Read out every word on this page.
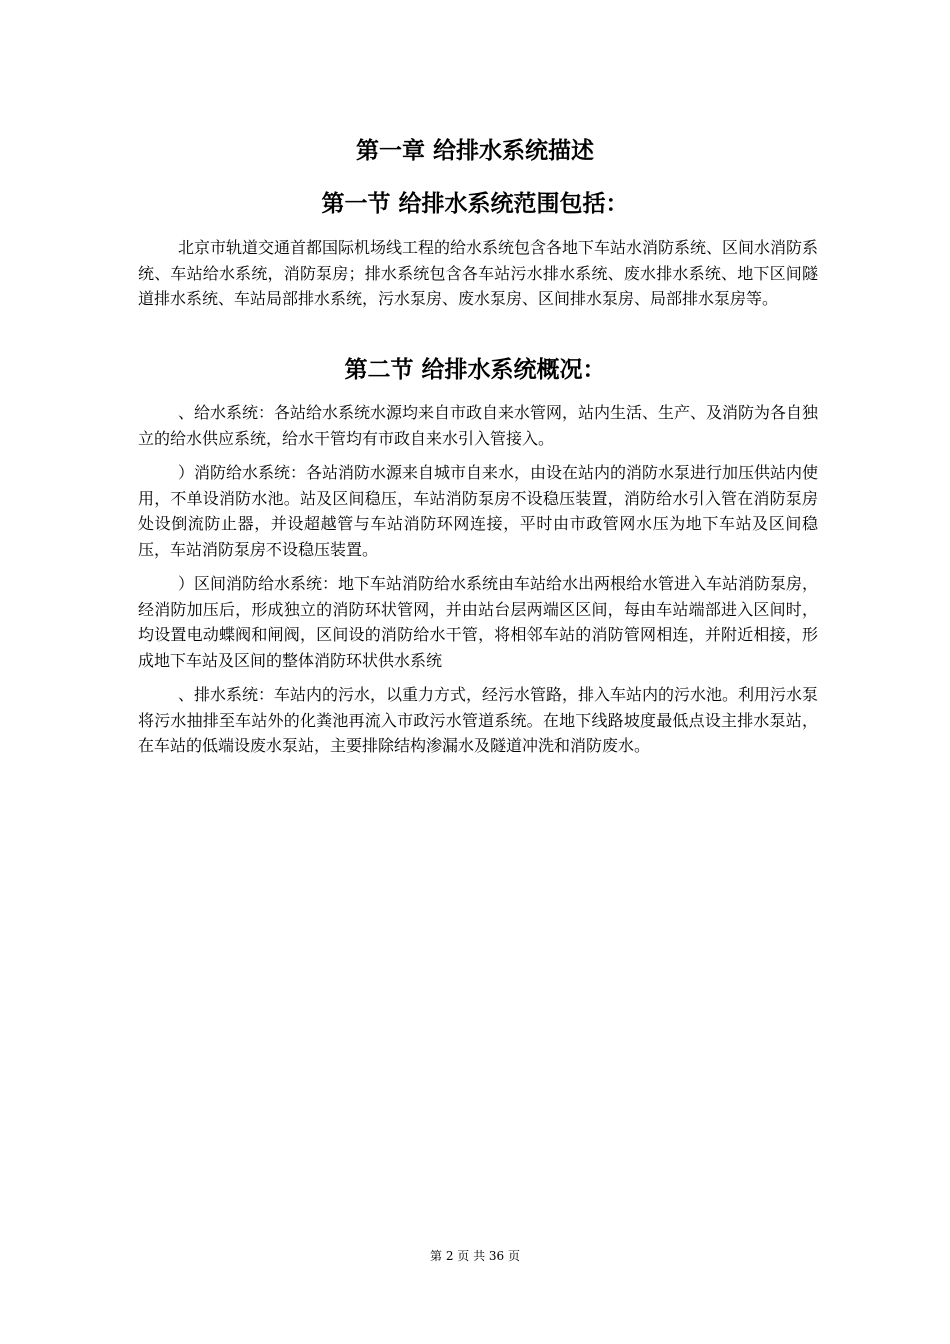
第一章 给排水系统描述
第一节 给排水系统范围包括：

北京市轨道交通首都国际机场线工程的给水系统包含各地下车站水消防系统、区间水消防系统、车站给水系统，消防泵房；排水系统包含各车站污水排水系统、废水排水系统、地下区间隧道排水系统、车站局部排水系统，污水泵房、废水泵房、区间排水泵房、局部排水泵房等。

第二节 给排水系统概况：

、给水系统：各站给水系统水源均来自市政自来水管网，站内生活、生产、及消防为各自独立的给水供应系统，给水干管均有市政自来水引入管接入。

）消防给水系统：各站消防水源来自城市自来水，由设在站内的消防水泵进行加压供站内使用，不单设消防水池。站及区间稳压，车站消防泵房不设稳压装置，消防给水引入管在消防泵房处设倒流防止器，并设超越管与车站消防环网连接，平时由市政管网水压为地下车站及区间稳压，车站消防泵房不设稳压装置。

）区间消防给水系统：地下车站消防给水系统由车站给水出两根给水管进入车站消防泵房，经消防加压后，形成独立的消防环状管网，并由站台层两端区区间，每由车站端部进入区间时，均设置电动蝶阀和闸阀，区间设的消防给水干管，将相邻车站的消防管网相连，并附近相接，形成地下车站及区间的整体消防环状供水系统

、排水系统：车站内的污水，以重力方式，经污水管路，排入车站内的污水池。利用污水泵将污水抽排至车站外的化粪池再流入市政污水管道系统。在地下线路坡度最低点设主排水泵站，在车站的低端设废水泵站，主要排除结构渗漏水及隧道冲洗和消防废水。

第 2 页 共 36 页
